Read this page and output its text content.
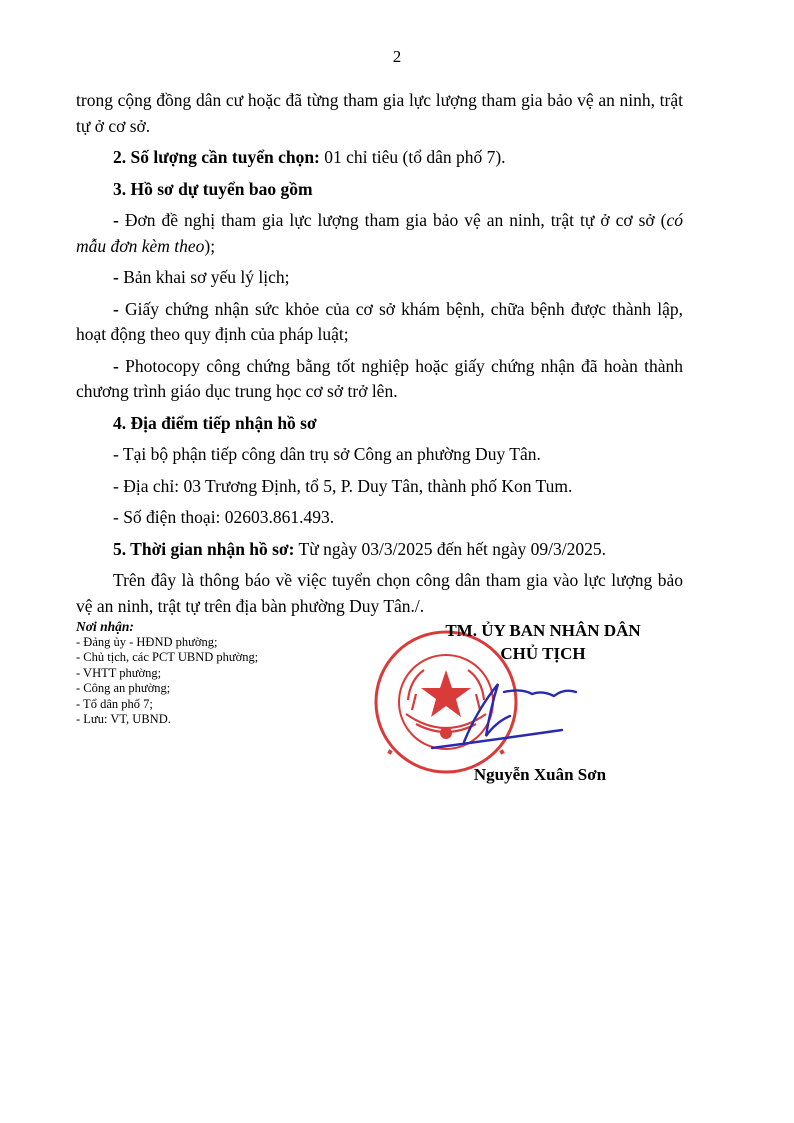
2

trong cộng đồng dân cư hoặc đã từng tham gia lực lượng tham gia bảo vệ an ninh, trật tự ở cơ sở.

2. Số lượng cần tuyển chọn: 01 chỉ tiêu (tổ dân phố 7).

3. Hồ sơ dự tuyển bao gồm

- Đơn đề nghị tham gia lực lượng tham gia bảo vệ an ninh, trật tự ở cơ sở (có mẫu đơn kèm theo);

- Bản khai sơ yếu lý lịch;

- Giấy chứng nhận sức khỏe của cơ sở khám bệnh, chữa bệnh được thành lập, hoạt động theo quy định của pháp luật;

- Photocopy công chứng bằng tốt nghiệp hoặc giấy chứng nhận đã hoàn thành chương trình giáo dục trung học cơ sở trở lên.

4. Địa điểm tiếp nhận hồ sơ

- Tại bộ phận tiếp công dân trụ sở Công an phường Duy Tân.

- Địa chỉ: 03 Trương Định, tổ 5, P. Duy Tân, thành phố Kon Tum.

- Số điện thoại: 02603.861.493.

5. Thời gian nhận hồ sơ: Từ ngày 03/3/2025 đến hết ngày 09/3/2025.

Trên đây là thông báo về việc tuyển chọn công dân tham gia vào lực lượng bảo vệ an ninh, trật tự trên địa bàn phường Duy Tân./.

Nơi nhận:
- Đảng ủy - HĐND phường;
- Chủ tịch, các PCT UBND phường;
- VHTT phường;
- Công an phường;
- Tổ dân phố 7;
- Lưu: VT, UBND.
TM. ỦY BAN NHÂN DÂN
CHỦ TỊCH
Nguyễn Xuân Sơn
